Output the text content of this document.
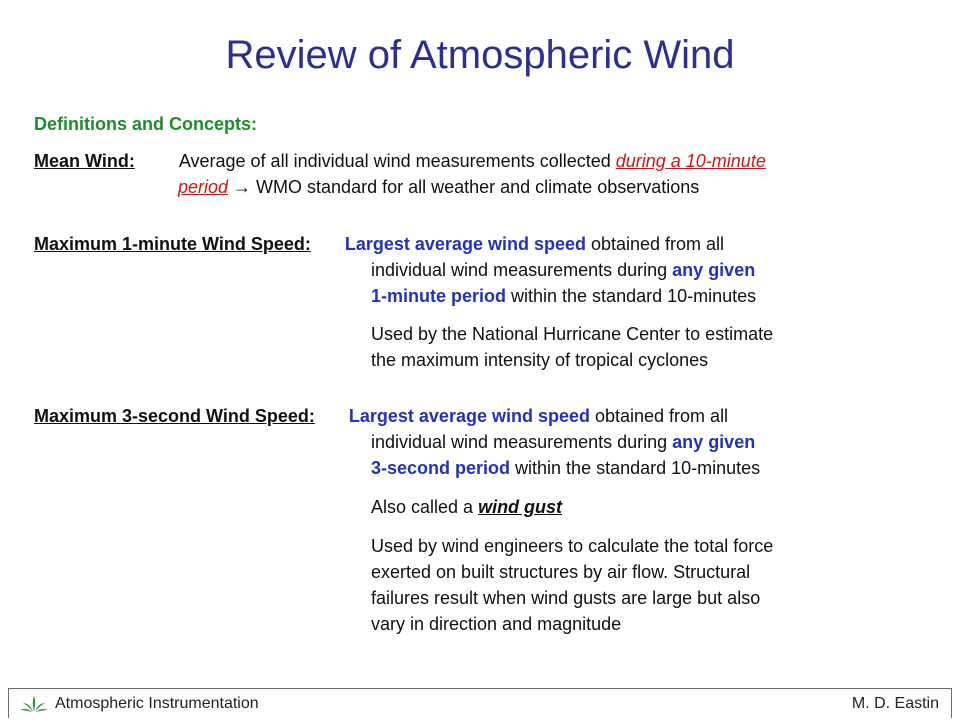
Review of Atmospheric Wind

Definitions and Concepts:

Mean Wind: Average of all individual wind measurements collected during a 10-minute

period → WMO standard for all weather and climate observations

Maximum 1-minute Wind Speed: Largest average wind speed obtained from all

individual wind measurements during any given

1-minute period within the standard 10-minutes

Used by the National Hurricane Center to estimate

the maximum intensity of tropical cyclones

Maximum 3-second Wind Speed: Largest average wind speed obtained from all

individual wind measurements during any given

3-second period within the standard 10-minutes

Also called a wind gust

Used by wind engineers to calculate the total force

exerted on built structures by air flow. Structural

failures result when wind gusts are large but also

vary in direction and magnitude

Atmospheric Instrumentation	M. D. Eastin
